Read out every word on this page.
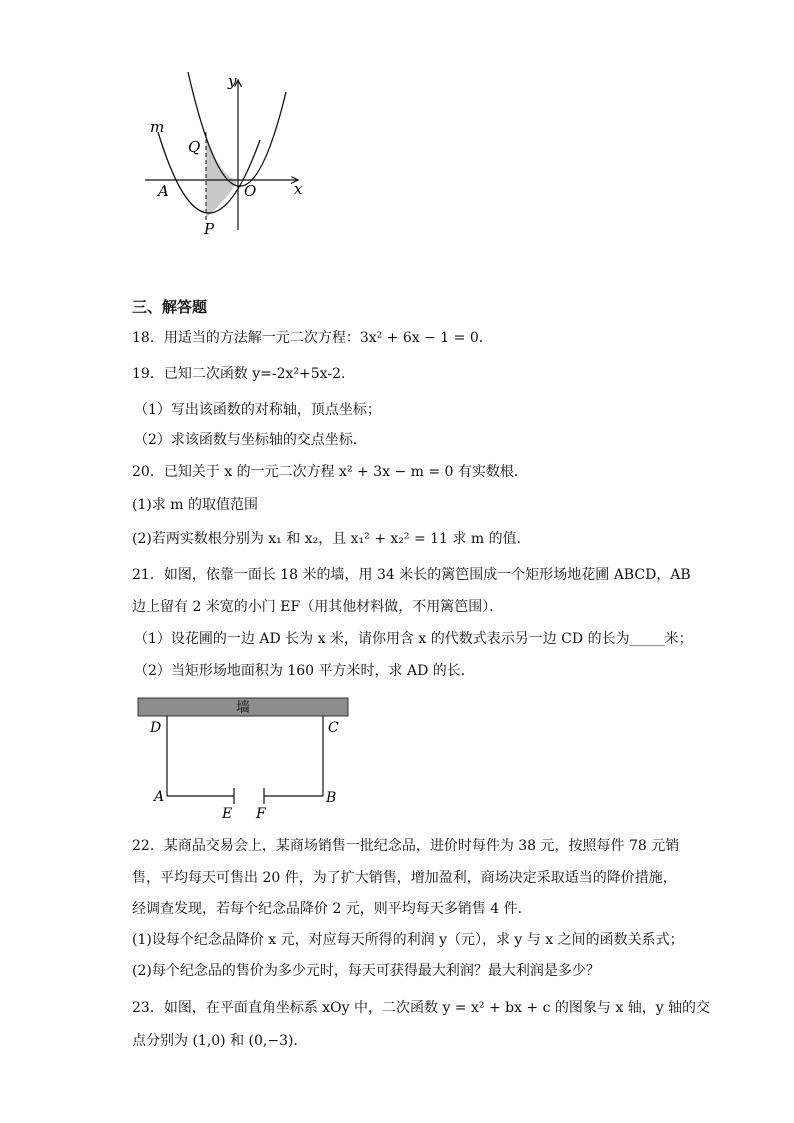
y
x
m
Q
A	O
P
三、解答题
18．用适当的方法解一元二次方程：3x² + 6x − 1 = 0．
19．已知二次函数 y=-2x²+5x-2．
（1）写出该函数的对称轴，顶点坐标；
（2）求该函数与坐标轴的交点坐标．
20．已知关于 x 的一元二次方程 x² + 3x − m = 0 有实数根．
(1)求 m 的取值范围
(2)若两实数根分别为 x₁ 和 x₂，且 x₁² + x₂² = 11 求 m 的值．
21．如图，依靠一面长 18 米的墙，用 34 米长的篱笆围成一个矩形场地花圃 ABCD，AB
边上留有 2 米宽的小门 EF（用其他材料做，不用篱笆围）．
（1）设花圃的一边 AD 长为 x 米，请你用含 x 的代数式表示另一边 CD 的长为_____米；
（2）当矩形场地面积为 160 平方米时，求 AD 的长．
墙
D	C
A	B
E F
22．某商品交易会上，某商场销售一批纪念品，进价时每件为 38 元，按照每件 78 元销
售，平均每天可售出 20 件，为了扩大销售，增加盈利，商场决定采取适当的降价措施，
经调查发现，若每个纪念品降价 2 元，则平均每天多销售 4 件．
(1)设每个纪念品降价 x 元，对应每天所得的利润 y（元），求 y 与 x 之间的函数关系式；
(2)每个纪念品的售价为多少元时，每天可获得最大利润？最大利润是多少？
23．如图，在平面直角坐标系 xOy 中，二次函数 y = x² + bx + c 的图象与 x 轴，y 轴的交
点分别为 (1,0) 和 (0,−3)．
